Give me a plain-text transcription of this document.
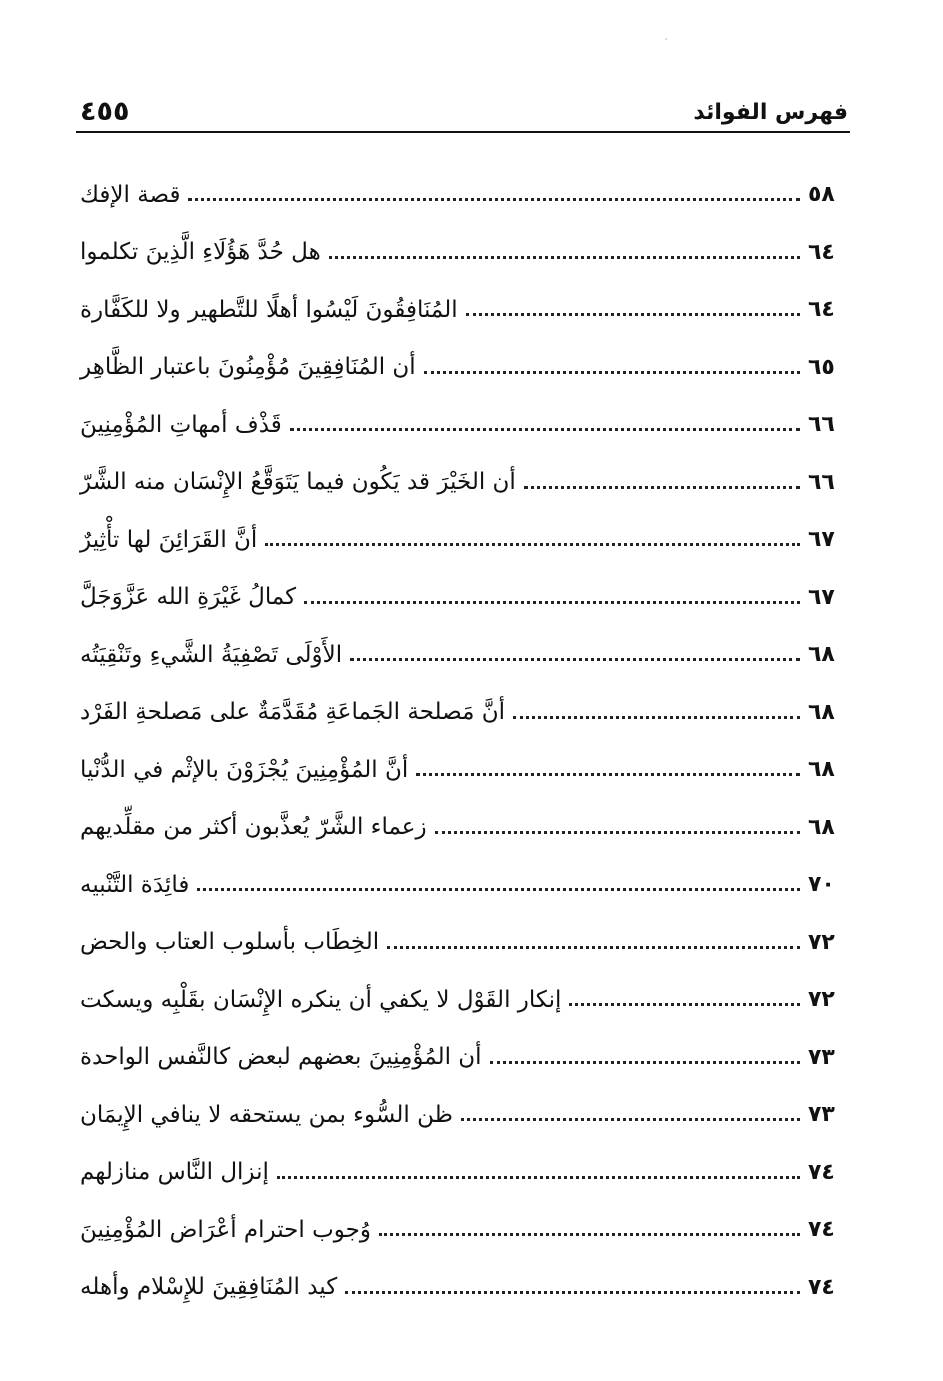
فهرس الفوائد
٤٥٥
قصة الإفك	٥٨
هل حُدَّ هَؤُلَاءِ الَّذِينَ تكلموا	٦٤
المُنَافِقُونَ لَيْسُوا أهلًا للتَّطهير ولا للكَفَّارة	٦٤
أن المُنَافِقِينَ مُؤْمِنُونَ باعتبار الظَّاهِر	٦٥
قَذْف أمهاتِ المُؤْمِنِينَ	٦٦
أن الخَيْرَ قد يَكُون فيما يَتَوَقَّعُ الإِنْسَان منه الشَّرّ	٦٦
أنَّ القَرَائِنَ لها تأْثِيرٌ	٦٧
كمالُ غَيْرَةِ الله عَزَّوَجَلَّ	٦٧
الأَوْلَى تَصْفِيَةُ الشَّيءِ وتَنْقِيَتُه	٦٨
أنَّ مَصلحة الجَماعَةِ مُقَدَّمَةٌ على مَصلحةِ الفَرْد	٦٨
أنَّ المُؤْمِنِينَ يُجْزَوْنَ بالإثْم في الدُّنْيا	٦٨
زعماء الشَّرّ يُعذَّبون أكثر من مقلِّديهم	٦٨
فائِدَة التَّنْبيه	٧٠
الخِطَاب بأسلوب العتاب والحض	٧٢
إنكار القَوْل لا يكفي أن ينكره الإِنْسَان بقَلْبِه ويسكت	٧٢
أن المُؤْمِنِينَ بعضهم لبعض كالنَّفس الواحدة	٧٣
ظن السُّوء بمن يستحقه لا ينافي الإِيمَان	٧٣
إنزال النَّاس منازلهم	٧٤
وُجوب احترام أعْرَاض المُؤْمِنِينَ	٧٤
كيد المُنَافِقِينَ للإِسْلام وأهله	٧٤
